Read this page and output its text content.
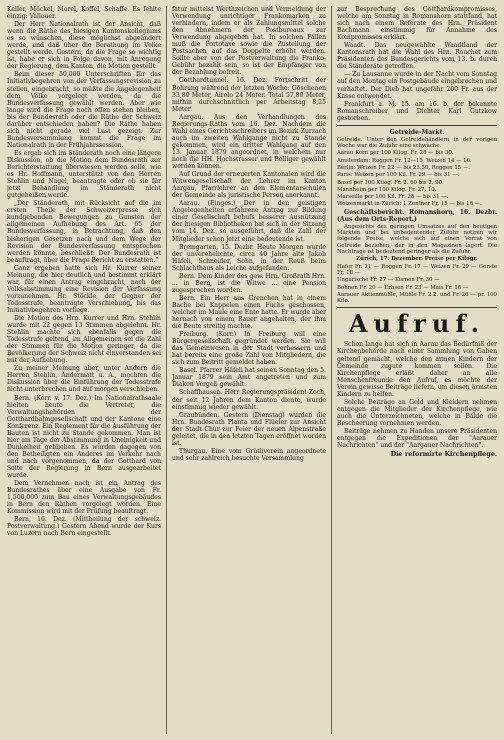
Keller, Möckel, Morel, Koffel, Schaffe. Es fehlte einzig: Vallauer.

Der Herr Nationalrath ist der Ansicht, daß wenn die Räthe des hiesigen Kantonskollegiums es so wünschen, diese möglichst abgeändert werde, und daß über die Berathung im Volke gestellt werde. Gestern, da die Frage so wichtig ist, habe er sich in Folge davon, mit Anregung der Regierung, dem Kanton, die Motion gestellt.

Beim dieser 50,000 Unterschriften für das Initiativbegehren von der Verfassungsrevision zu stellen, eingebracht, so müßte die Angelegenheit dem Volke vorgelegt werden, da die Bundesverfassung gewählt werden. Aber wie lange wird die Frage noch offen stehen bleiben, bis der Bundesrath oder die Räthe der Schweiz darüber entschieden haben? Die Räthe haben sich nicht gerade viel Lust gezeigt. Zur Bundesversammlung kommt die Frage im Nationalrath in der Frühjahrssession.

Es ergab sich im Ständerath noch eine längere Diskussion, ob die Motion dem Bundesrath zur Berichterstattung überwiesen werden solle, wie es Hr. Hoffmann, unterstützt von den Herren Stehlin und Nagel, beantragte oder ob sie für jetzt Behandlung im Ständerath nicht gutgeheißen werde.

„Der Ständerath, mit Rücksicht auf die im ersten Theile der Schweizerpresse sich kundgebenden Bewegungen zu Gunsten der allgemeinen Aufhebung des Art. 65 der Bundesverfassung, in Betrachtung, daß den bisherigen Gesetzen nach und dem Wege der Revision der Bundesverfassung entsprochen werden könnte, beschließt: Der Bundesrath ist beauftragt, über die Frage Bericht zu erstatten.“

Ganz ergeben hatte sich Hr. Kurrer seiner Meinung, die hier deutlich und bestimmt erklärt war, für einen Antrag eingebracht, nach der Volksabstimmung eine Revision der Verfassung vorzunehmen. Hr. Stöckle, der Gegner der Todesstrafe, beantragte Verschiebung, bis das Initiativbegehren vorliege.

Die Motion des Hrn. Kurrer und Hrn. Stehlin wurde mit 22 gegen 13 Stimmen abgelehnt. Hr. Stehlin machte sich ebenfalls gegen die Todesstrafe geltend, im Allgemeinen sei die Zahl der Stimmen für die Motion geringer, da die Bevölkerung der Schweiz nicht einverstanden sei mit der Aufhebung.

Zu meiner Meinung aber, unter Andern die Herren Stehlin, Andermatt u. A., mochten die Diskussion über die Einführung der Todesstrafe nicht unterbrechen und auf morgen verschieben.

Bern. (Korr. v. 17. Dez.) Im Nationalrathsaale hielten heute die Vertreter, die Verwaltungsbehörden der Gotthardbahngesellschaft und der Kantone eine Konferenz. Ein Reglement für die Ausführung der Bauten ist nicht zu Stande gekommen. Man ist hier am Tage der Abstimmung in Uneinigkeit und Dunkelheit geblieben. Es wurden dagegen von den Betheiligten ein Anderes im Verkehr nach und nach vorgenommen, da der Gotthard von Seite der Regierung in Bern ausgearbeitet wurde.

Dem Vernehmen nach ist ein Antrag des Bundesrathes über eine Ausgabe von Fr. 1,500,000 zum Bau eines Verwaltungsgebäudes in Bern den Räthen vorgelegt worden. Eine Kommission wird mit der Prüfung beauftragt.

Bern, 16. Dez. (Mittheilung der schweiz. Postverwaltung.) Gestern Abend wurde der Kurs von Luzern nach Bern eingestellt.

fatur mittelst Werthzeichen und Vermeidung der Verwendung unrichtiger Frankomarken zu verhindern, indem er als Zahlungsmittel solche den Abnehmern der Postbureaux zur Verwendung abgegeben hat. In solchen Fällen muß die Portotaxe sowie die Zustellung der Postsachen auf das Doppelte erhöht werden. Sollte aber von der Postverwaltung die Franko-Gebühr bezahlt sein, so ist der Empfänger von der Bezahlung befreit.

Gotthardtunnel. 16. Dez. Fortschritt der Bohrung während der letzten Woche: Göschenen 33,80 Meter, Airolo 24 Meter. Total 57,80 Meter, mithin durchschnittlich per Arbeitstag 8,25 Meter.

Aargau. Aus den Verhandlungen des Regierungs-Raths vom 16. Dez. Nachdem die Wahl eines Gerichtsschreibers im Bezirk Zurzach auch im zweiten Wahlgange nicht zu Stande gekommen, wird ein dritter Wahlgang auf den 13. Januar 1879 angeordnet, in welchem nur noch die HH. Hochstrasser und Bolliger gewählt werden können.

Auf Grund der erneuerten Kantonalen wird die Witwengesellschaft der Lehrer im Kanton Aargau, Pfarrlehrer an den Elementarschulen der Gemeinde als juristische Person anerkannt.

Aarau. (Einges.) Der in den geistigen Angelegenheiten erfahrene Antrag zur Bildung einer Gesellschaft behufs besserer Ausnützung der hiesigen Bibliotheken hat sich in der Sitzung vom 14. Dez. so ausgeführt, daß die Zahl der Mitglieder schon jetzt eine bedeutende ist.

Bremgarten, 15. Dezbr. Heute Morgen wurde der unverehelichte, circa 40 Jahre alte Jakob Häfeli, Schneider, Sohn, in der Reuß beim Schlachthaus als Leiche aufgefunden.

Bern. Dem Kinder des gew. Hrn. Großrath Hrn. ... in Bern, ist die Witwe ... eine Pension zugesprochen worden.

Bern. Ein Herr aus Grenchen hat in einem Bache bei Kappelen einen Fuchs geschossen, welcher im Maule eine Ente hatte. Er wurde aber hernach von einem Bauer angehalten, der ihm die Beute streitig machte.

Freiburg. (Korr.) In Freiburg will eine Bürgergesellschaft gegründet werden. Sie will das Gemeinwesen in der Stadt verbessern und hat bereits eine große Zahl von Mitgliedern, die sich zum Beitritt gemeldet haben.

Basel. Pfarrer Häfeli hat seinen Sonntag den 5. Januar 1879 sein Amt angetreten und zum Diakon Vergeß gewählt.

Schaffhausen. Herr Regierungspräsident Zoch, der seit 12 Jahren dem Kanton diente, wurde einstimmig wieder gewählt.

Graubünden. Gestern (Dienstag) wurden die Hrn. Bundesrath Planta und Flüeler zur Ansicht der Stadt Chur zur Feier der neuen Alpenstraße geleitet, die in den letzten Tagen eröffnet worden ist.

Thurgau. Eine vom Grütliverein angeordnete und sehr zahlreich besuchte Versammlung

zur Besprechung des Gotthardkompromisses, welche am Sonntag in Romanshorn stattfand, hat sich nach einem Referate des Hrn. Präsident Bachmann einstimmig für Annahme des Kompromisses erklärt.

Waadt. Das neugewählte Waadtland der Kantonsrath hat die Wahl des Hrn. Rouchet zum Präsidenten des Bundesgerichts vom 13. b. durch die Ständeräte getroffen.

— Zu Lausanne wurde in der Nacht vom Sonntag auf den Montag ein Postgebäude eingebrochen und verhaftet. Der Dieb hat ungefähr 200 Fr. aus der Kasse entwendet.

Frankfurt a. M. 15. am 16. b. der bekannte Romanschreiber und Dichter Karl Gutzkow gestorben.

Getreide-Markt.

Getreide. Unter den Getreidehändlern in der vorigen Woche war die Zufuhr eine schwache.

Aarau Korn per 100 Kilog. Fr. 28 — bis 30.

Amsterdam: Roggen Fr. 12—15, Weizen 14 — 16.

Berlin: Weizen Fr. 22 — bis 23.50, Roggen 15 —.

Paris: Weizen per 100 Kil. Fr. 29 — bis 31 —.

Basel per 100 Kilog. Fr. 2. 60 bis 2. 90.

Mannheim per 100 Kilog. Fr. 27. 10.

Marseille per 100 Kil. Fr. 28 — bis 31 —.

Weizenmarkt in Zürich: 1 Zentner Fr. 15 — bis 16 —.

Geschäftsbericht. Romanshorn, 16. Dezbr. (Aus dem Orts-Report.)

Angesichts des geringen Umsatzes auf den heutigen Märkten und bei unbedeutender Zufuhr notiren wir folgende Preise, welche sich auf einen Vorrat von Getreide beziehen, der in den Magazinen lagert. Die Nachfrage ist bedeutend geringer als die Zufuhr.

Zürich, 17. Dezember. Preise per Kilogr.

Hafer Fr. 21 — Roggen Fr. 17 — Weizen Fr. 29 — Gerste Fr. 18 —

Ungarische Fr. 27 — Kernen Fr. 30 —

Bohnen Fr. 20 — Erbsen Fr. 23 — Mais Fr. 16 —

Aarauer Aktienmühle, Mühle Fr. 2.2. und Fr. 26 — pr. 100 Kilo.

Aufruf.

Schon lange hat sich in Aarau das Bedürfniß der Kirchenbehörde nach einer Sammlung von Gaben geltend gemacht, welche den armen Kindern der Gemeinde zugute kommen sollen. Die Kirchenpflege erläßt daher an alle Menschenfreunde den Aufruf, es möchte der Verein gewisse Beiträge liefern, um diesen ärmsten Kindern zu helfen.

Solche Beiträge an Geld und Kleidern nehmen entgegen die Mitglieder der Kirchenpflege, wie auch die Unterzeichneten, welche in Bälde die Bescheerung vornehmen werden.

Beiträge nehmen zu Handen unsere Präsidenten entgegen die Expeditionen der "Aarauer Nachrichten" und der "Aargauer Nachrichten".

Die reformirte Kirchenpflege.
